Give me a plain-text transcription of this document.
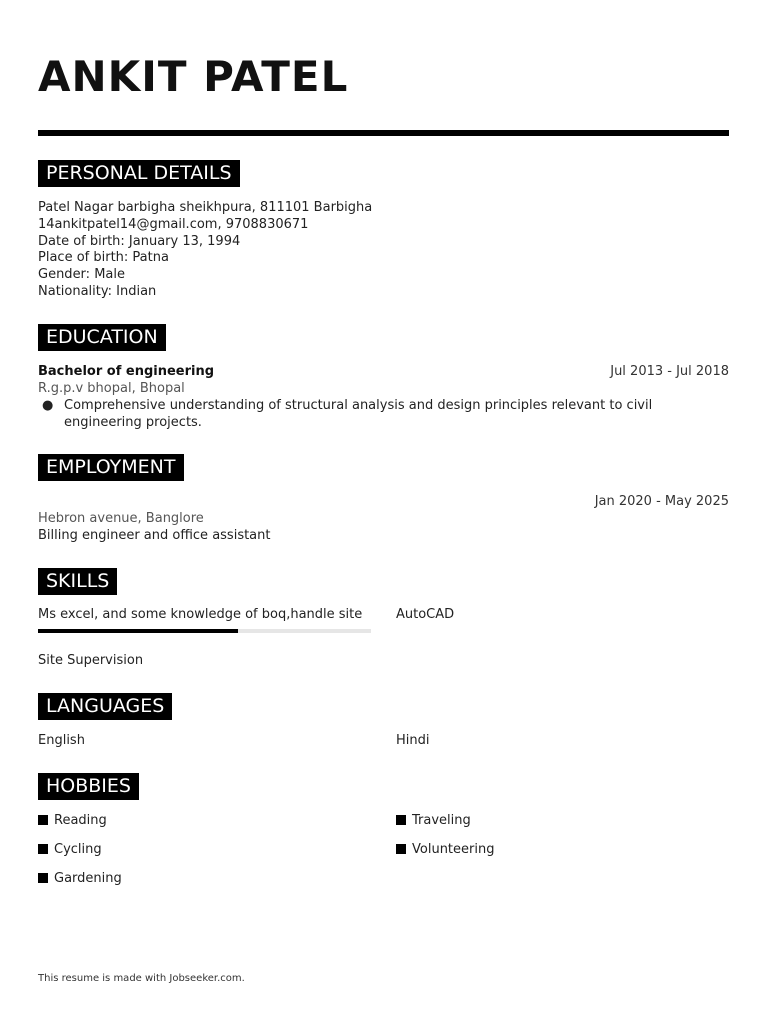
ANKIT PATEL
PERSONAL DETAILS
Patel Nagar barbigha sheikhpura, 811101 Barbigha
14ankitpatel14@gmail.com, 9708830671
Date of birth: January 13, 1994
Place of birth: Patna
Gender: Male
Nationality: Indian
EDUCATION
Bachelor of engineering	Jul 2013 - Jul 2018
R.g.p.v bhopal, Bhopal
● Comprehensive understanding of structural analysis and design principles relevant to civil engineering projects.
EMPLOYMENT
Jan 2020 - May 2025
Hebron avenue, Banglore
Billing engineer and office assistant
SKILLS
Ms excel, and some knowledge of boq,handle site	AutoCAD
Site Supervision
LANGUAGES
English	Hindi
HOBBIES
Reading	Traveling
Cycling	Volunteering
Gardening
This resume is made with Jobseeker.com.
